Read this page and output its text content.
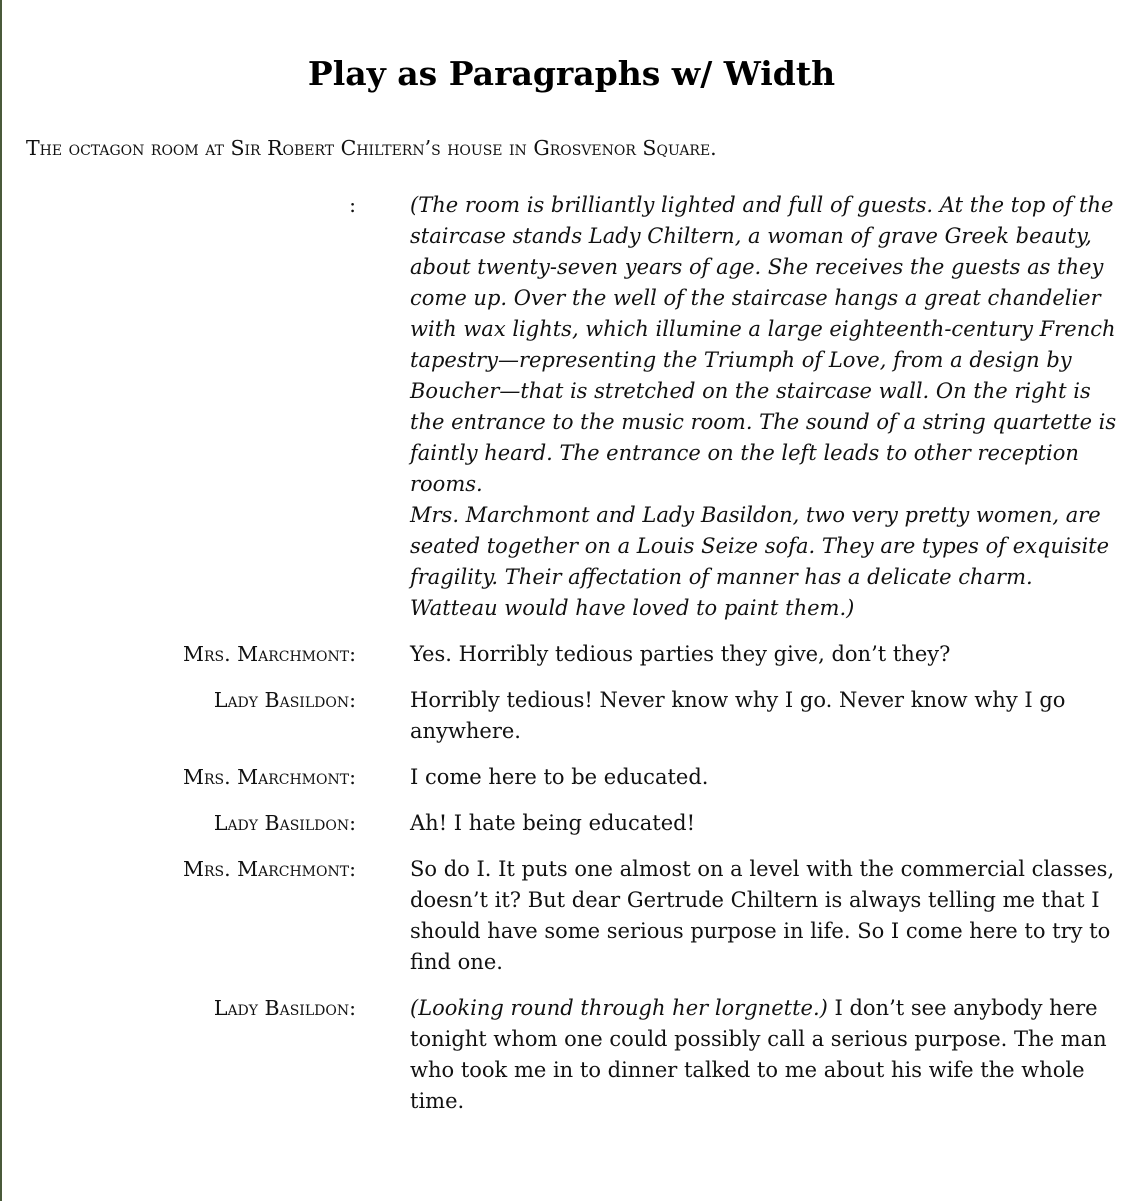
Play as Paragraphs w/ Width
The octagon room at Sir Robert Chiltern’s house in Grosvenor Square.
:	(The room is brilliantly lighted and full of guests. At the top of the staircase stands Lady Chiltern, a woman of grave Greek beauty, about twenty-seven years of age. She receives the guests as they come up. Over the well of the staircase hangs a great chandelier with wax lights, which illumine a large eighteenth-century French tapestry—representing the Triumph of Love, from a design by Boucher—that is stretched on the staircase wall. On the right is the entrance to the music room. The sound of a string quartette is faintly heard. The entrance on the left leads to other reception rooms.
Mrs. Marchmont and Lady Basildon, two very pretty women, are seated together on a Louis Seize sofa. They are types of exquisite fragility. Their affectation of manner has a delicate charm. Watteau would have loved to paint them.)
Mrs. Marchmont:	Yes. Horribly tedious parties they give, don’t they?
Lady Basildon:	Horribly tedious! Never know why I go. Never know why I go anywhere.
Mrs. Marchmont:	I come here to be educated.
Lady Basildon:	Ah! I hate being educated!
Mrs. Marchmont:	So do I. It puts one almost on a level with the commercial classes, doesn’t it? But dear Gertrude Chiltern is always telling me that I should have some serious purpose in life. So I come here to try to find one.
Lady Basildon:	(Looking round through her lorgnette.) I don’t see anybody here tonight whom one could possibly call a serious purpose. The man who took me in to dinner talked to me about his wife the whole time.
